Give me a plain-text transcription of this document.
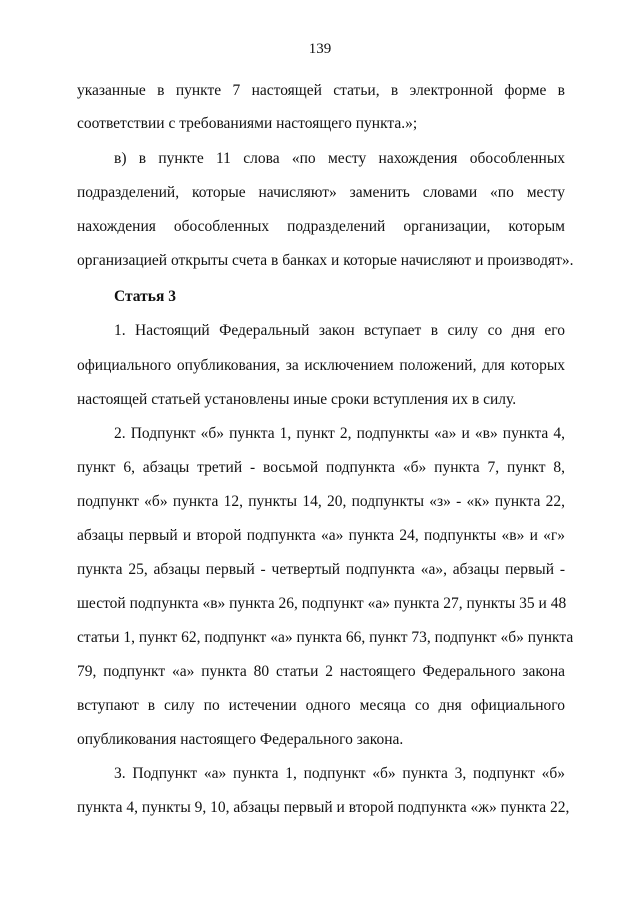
139
указанные в пункте 7 настоящей статьи, в электронной форме в
соответствии с требованиями настоящего пункта.»;
в) в пункте 11 слова «по месту нахождения обособленных
подразделений, которые начисляют» заменить словами «по месту
нахождения обособленных подразделений организации, которым
организацией открыты счета в банках и которые начисляют и производят».
Статья 3
1. Настоящий Федеральный закон вступает в силу со дня его
официального опубликования, за исключением положений, для которых
настоящей статьей установлены иные сроки вступления их в силу.
2. Подпункт «б» пункта 1, пункт 2, подпункты «а» и «в» пункта 4,
пункт 6, абзацы третий - восьмой подпункта «б» пункта 7, пункт 8,
подпункт «б» пункта 12, пункты 14, 20, подпункты «з» - «к» пункта 22,
абзацы первый и второй подпункта «а» пункта 24, подпункты «в» и «г»
пункта 25, абзацы первый - четвертый подпункта «а», абзацы первый -
шестой подпункта «в» пункта 26, подпункт «а» пункта 27, пункты 35 и 48
статьи 1, пункт 62, подпункт «а» пункта 66, пункт 73, подпункт «б» пункта
79, подпункт «а» пункта 80 статьи 2 настоящего Федерального закона
вступают в силу по истечении одного месяца со дня официального
опубликования настоящего Федерального закона.
3. Подпункт «а» пункта 1, подпункт «б» пункта 3, подпункт «б»
пункта 4, пункты 9, 10, абзацы первый и второй подпункта «ж» пункта 22,
